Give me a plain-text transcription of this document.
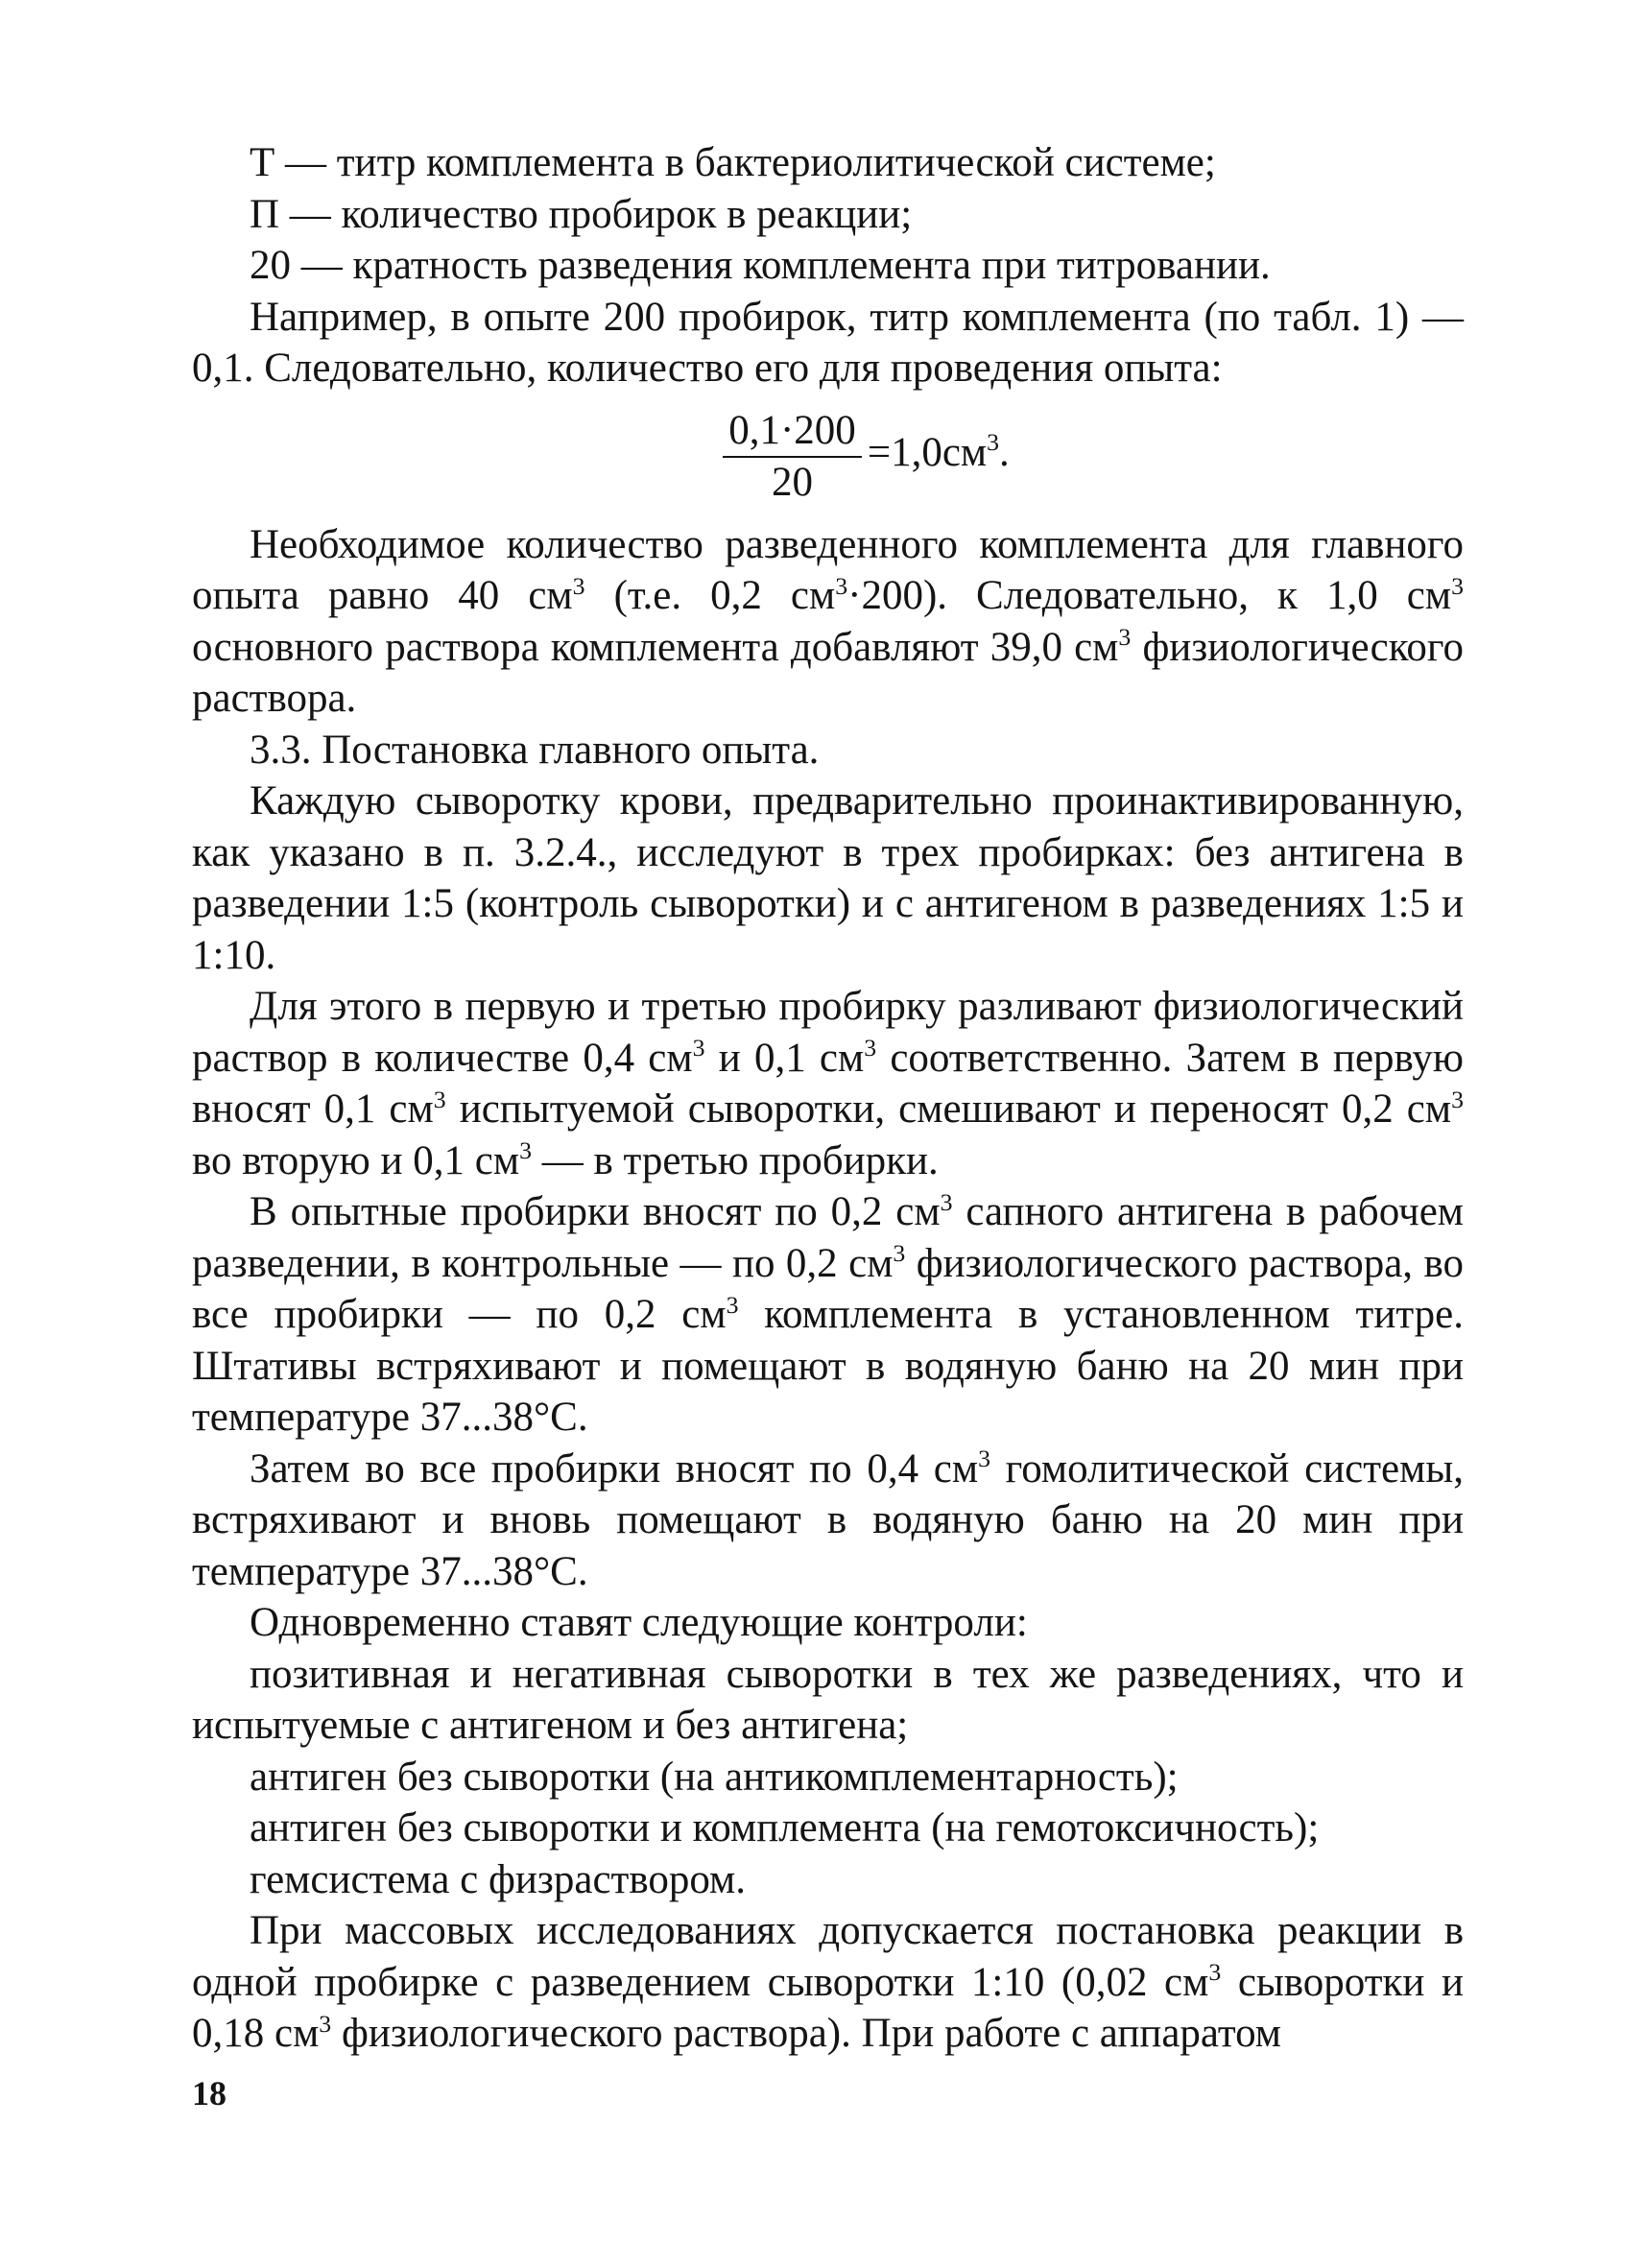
Т — титр комплемента в бактериолитической системе;

П — количество пробирок в реакции;

20 — кратность разведения комплемента при титровании.

Например, в опыте 200 пробирок, титр комплемента (по табл. 1) — 0,1. Следовательно, количество его для проведения опыта:

$\frac{0,1\cdot 200}{20} =1,0см^3$.

Необходимое количество разведенного комплемента для главного опыта равно 40 $см^3$ (т.е. 0,2 $см^3\cdot 200$). Следовательно, к 1,0 $см^3$ основного раствора комплемента добавляют 39,0 $см^3$ физиологического раствора.

3.3. Постановка главного опыта.

Каждую сыворотку крови, предварительно проинактивированную, как указано в п. 3.2.4., исследуют в трех пробирках: без антигена в разведении 1:5 (контроль сыворотки) и с антигеном в разведениях 1:5 и 1:10.

Для этого в первую и третью пробирку разливают физиологический раствор в количестве 0,4 $см^3$ и 0,1 $см^3$ соответственно. Затем в первую вносят 0,1 $см^3$ испытуемой сыворотки, смешивают и переносят 0,2 $см^3$ во вторую и 0,1 $см^3$ — в третью пробирки.

В опытные пробирки вносят по 0,2 $см^3$ сапного антигена в рабочем разведении, в контрольные — по 0,2 $см^3$ физиологического раствора, во все пробирки — по 0,2 $см^3$ комплемента в установленном титре. Штативы встряхивают и помещают в водяную баню на 20 мин при температуре 37...38°С.

Затем во все пробирки вносят по 0,4 $см^3$ гомолитической системы, встряхивают и вновь помещают в водяную баню на 20 мин при температуре 37...38°С.

Одновременно ставят следующие контроли:

позитивная и негативная сыворотки в тех же разведениях, что и испытуемые с антигеном и без антигена;

антиген без сыворотки (на антикомплементарность);

антиген без сыворотки и комплемента (на гемотоксичность);

гемсистема с физраствором.

При массовых исследованиях допускается постановка реакции в одной пробирке с разведением сыворотки 1:10 (0,02 $см^3$ сыворотки и 0,18 $см^3$ физиологического раствора). При работе с аппаратом

18
